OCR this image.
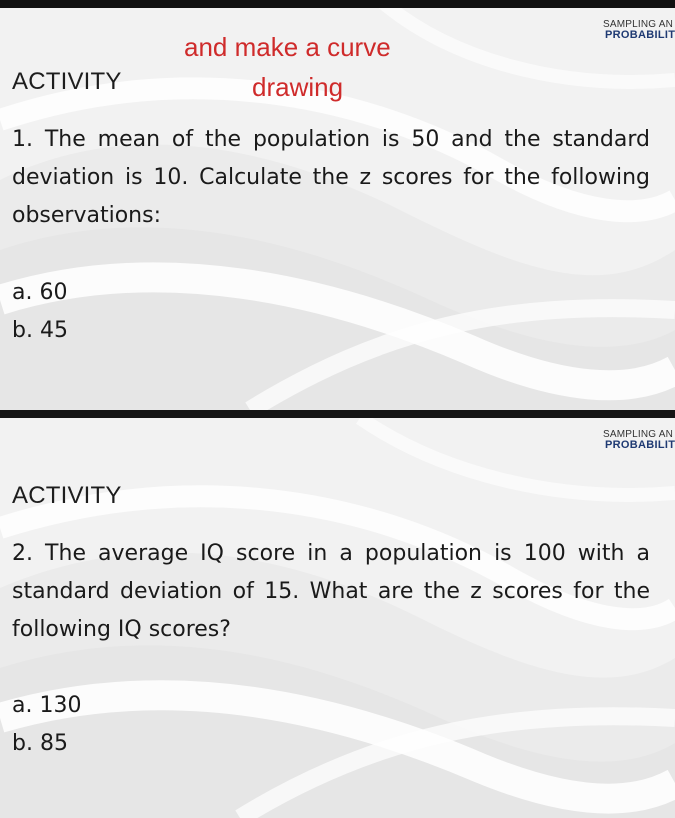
SAMPLING AN
PROBABILIT
and make a curve
drawing
ACTIVITY
1. The mean of the population is 50 and the standard deviation is 10. Calculate the z scores for the following observations:
a. 60
b. 45
SAMPLING AN
PROBABILIT
ACTIVITY
2. The average IQ score in a population is 100 with a standard deviation of 15. What are the z scores for the following IQ scores?
a. 130
b. 85
